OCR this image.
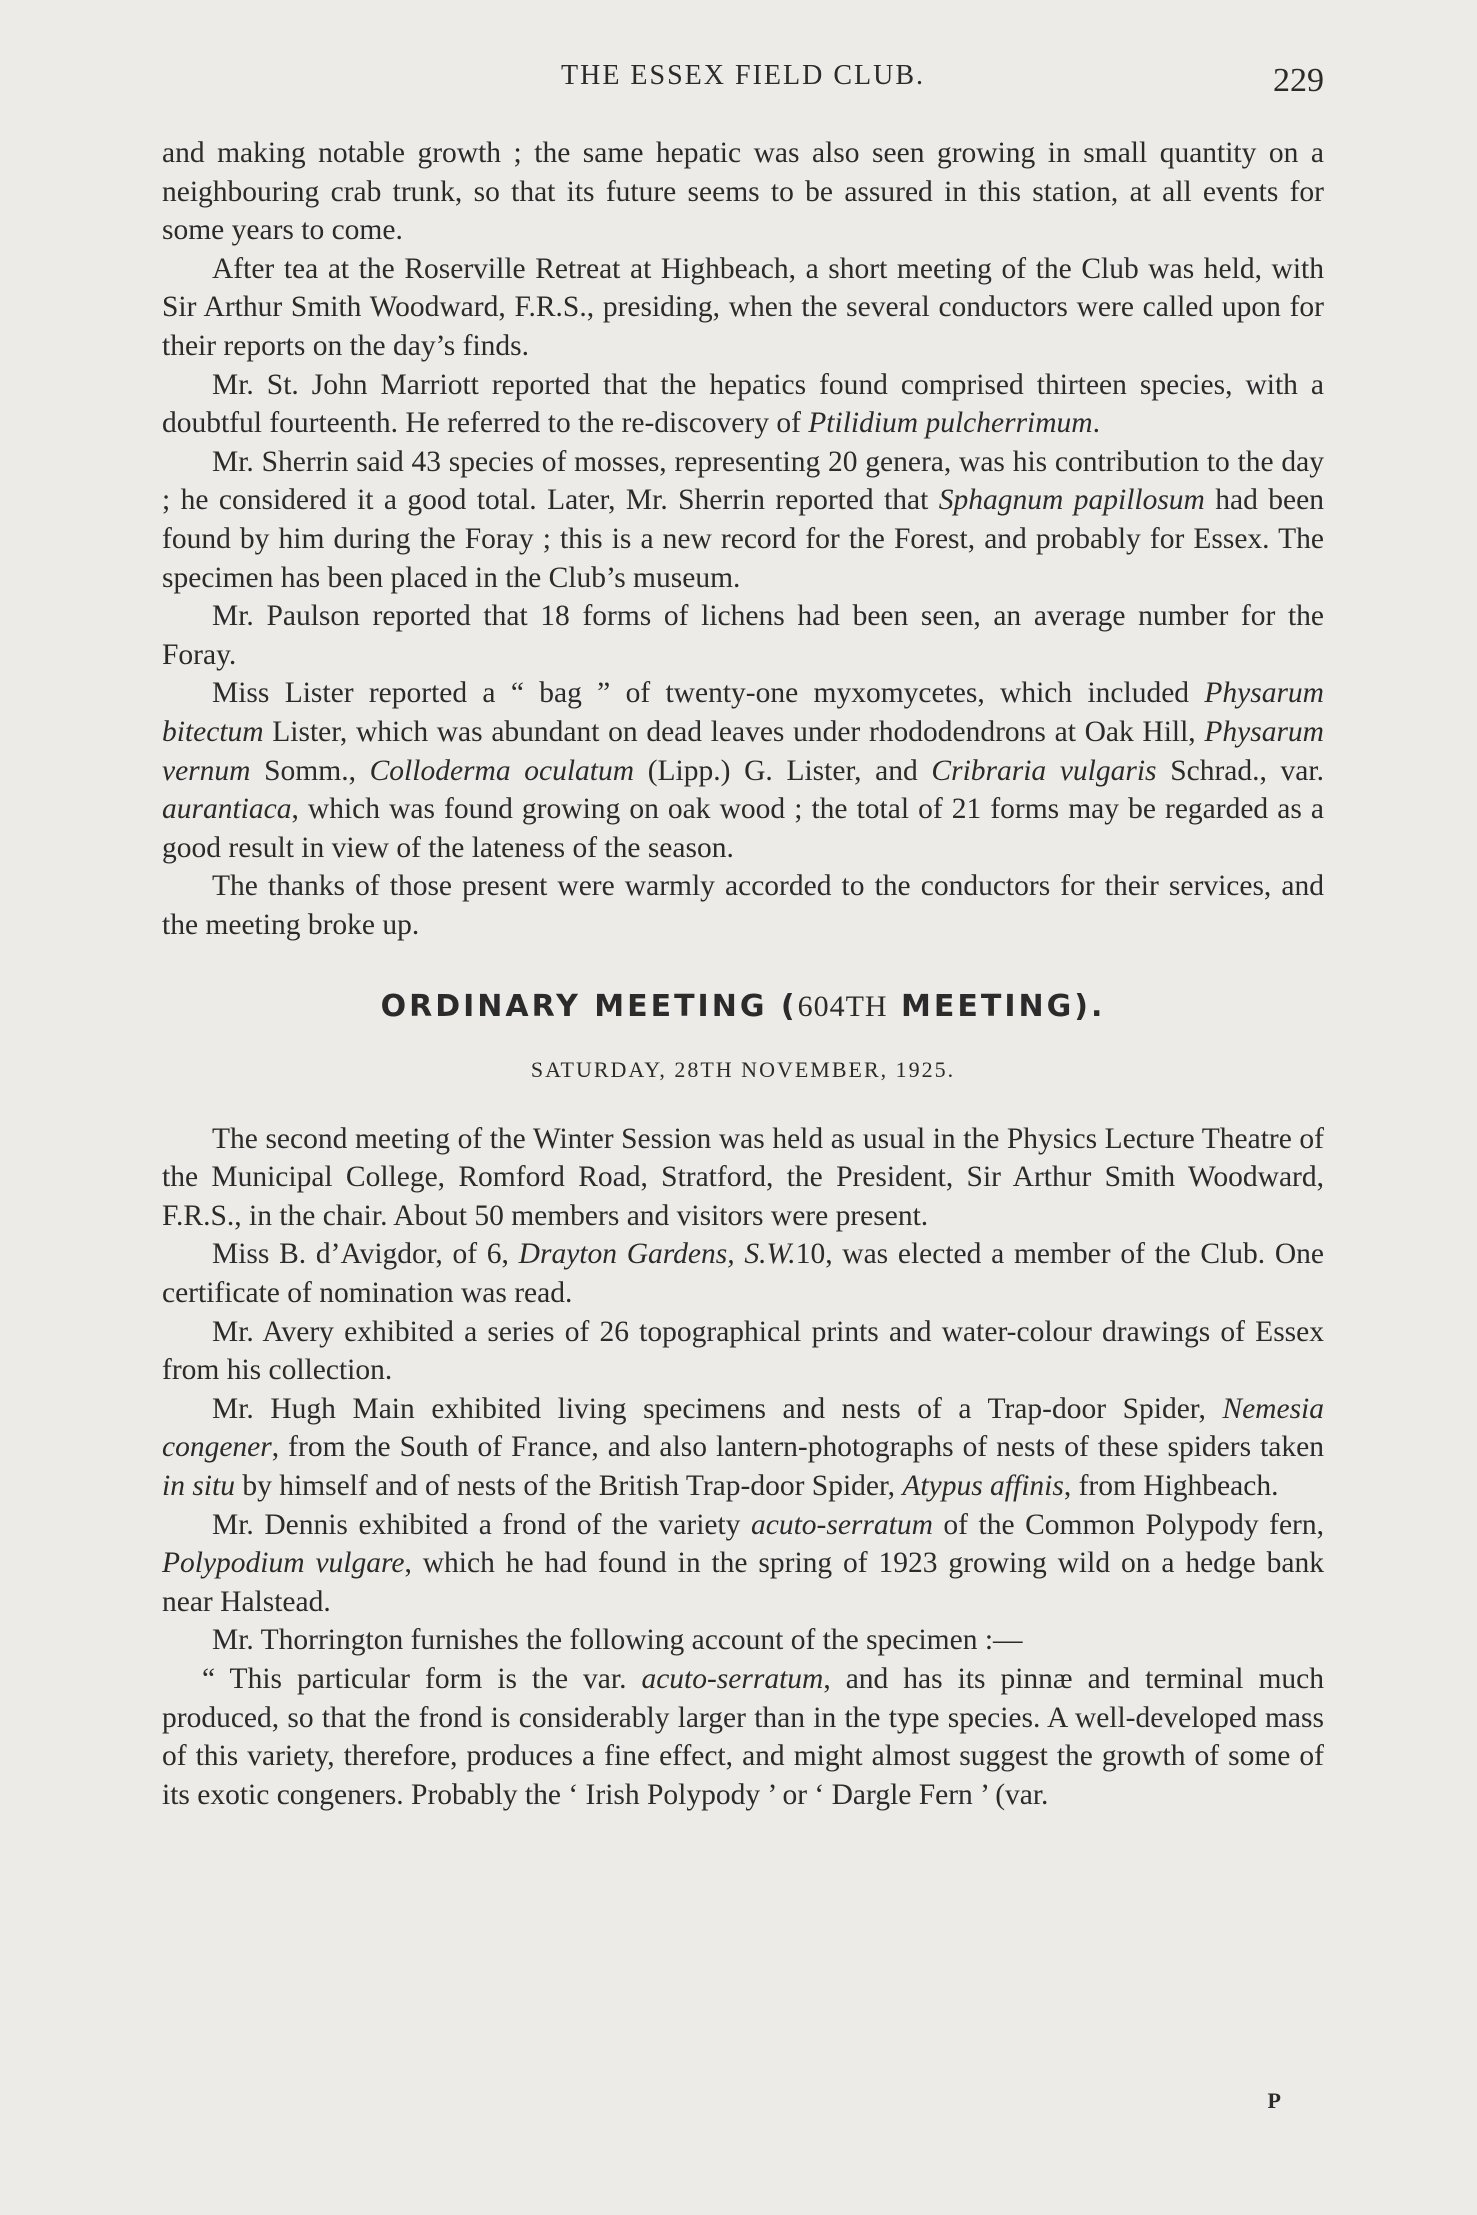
THE ESSEX FIELD CLUB.	229

and making notable growth ; the same hepatic was also seen growing in small quantity on a neighbouring crab trunk, so that its future seems to be assured in this station, at all events for some years to come.

After tea at the Roserville Retreat at Highbeach, a short meeting of the Club was held, with Sir Arthur Smith Woodward, F.R.S., presiding, when the several conductors were called upon for their reports on the day’s finds.

Mr. St. John Marriott reported that the hepatics found comprised thirteen species, with a doubtful fourteenth. He referred to the re-discovery of Ptilidium pulcherrimum.

Mr. Sherrin said 43 species of mosses, representing 20 genera, was his contribution to the day ; he considered it a good total. Later, Mr. Sherrin reported that Sphagnum papillosum had been found by him during the Foray ; this is a new record for the Forest, and probably for Essex. The specimen has been placed in the Club’s museum.

Mr. Paulson reported that 18 forms of lichens had been seen, an average number for the Foray.

Miss Lister reported a “ bag ” of twenty-one myxomycetes, which included Physarum bitectum Lister, which was abundant on dead leaves under rhododendrons at Oak Hill, Physarum vernum Somm., Colloderma oculatum (Lipp.) G. Lister, and Cribraria vulgaris Schrad., var. aurantiaca, which was found growing on oak wood ; the total of 21 forms may be regarded as a good result in view of the lateness of the season.

The thanks of those present were warmly accorded to the conductors for their services, and the meeting broke up.

ORDINARY MEETING (604TH MEETING).
SATURDAY, 28TH NOVEMBER, 1925.

The second meeting of the Winter Session was held as usual in the Physics Lecture Theatre of the Municipal College, Romford Road, Stratford, the President, Sir Arthur Smith Woodward, F.R.S., in the chair. About 50 members and visitors were present.

Miss B. d’Avigdor, of 6, Drayton Gardens, S.W.10, was elected a member of the Club. One certificate of nomination was read.

Mr. Avery exhibited a series of 26 topographical prints and water-colour drawings of Essex from his collection.

Mr. Hugh Main exhibited living specimens and nests of a Trap-door Spider, Nemesia congener, from the South of France, and also lantern-photographs of nests of these spiders taken in situ by himself and of nests of the British Trap-door Spider, Atypus affinis, from Highbeach.

Mr. Dennis exhibited a frond of the variety acuto-serratum of the Common Polypody fern, Polypodium vulgare, which he had found in the spring of 1923 growing wild on a hedge bank near Halstead.

Mr. Thorrington furnishes the following account of the specimen :—

“ This particular form is the var. acuto-serratum, and has its pinnæ and terminal much produced, so that the frond is considerably larger than in the type species. A well-developed mass of this variety, therefore, produces a fine effect, and might almost suggest the growth of some of its exotic congeners. Probably the ‘ Irish Polypody ’ or ‘ Dargle Fern ’ (var.

P
